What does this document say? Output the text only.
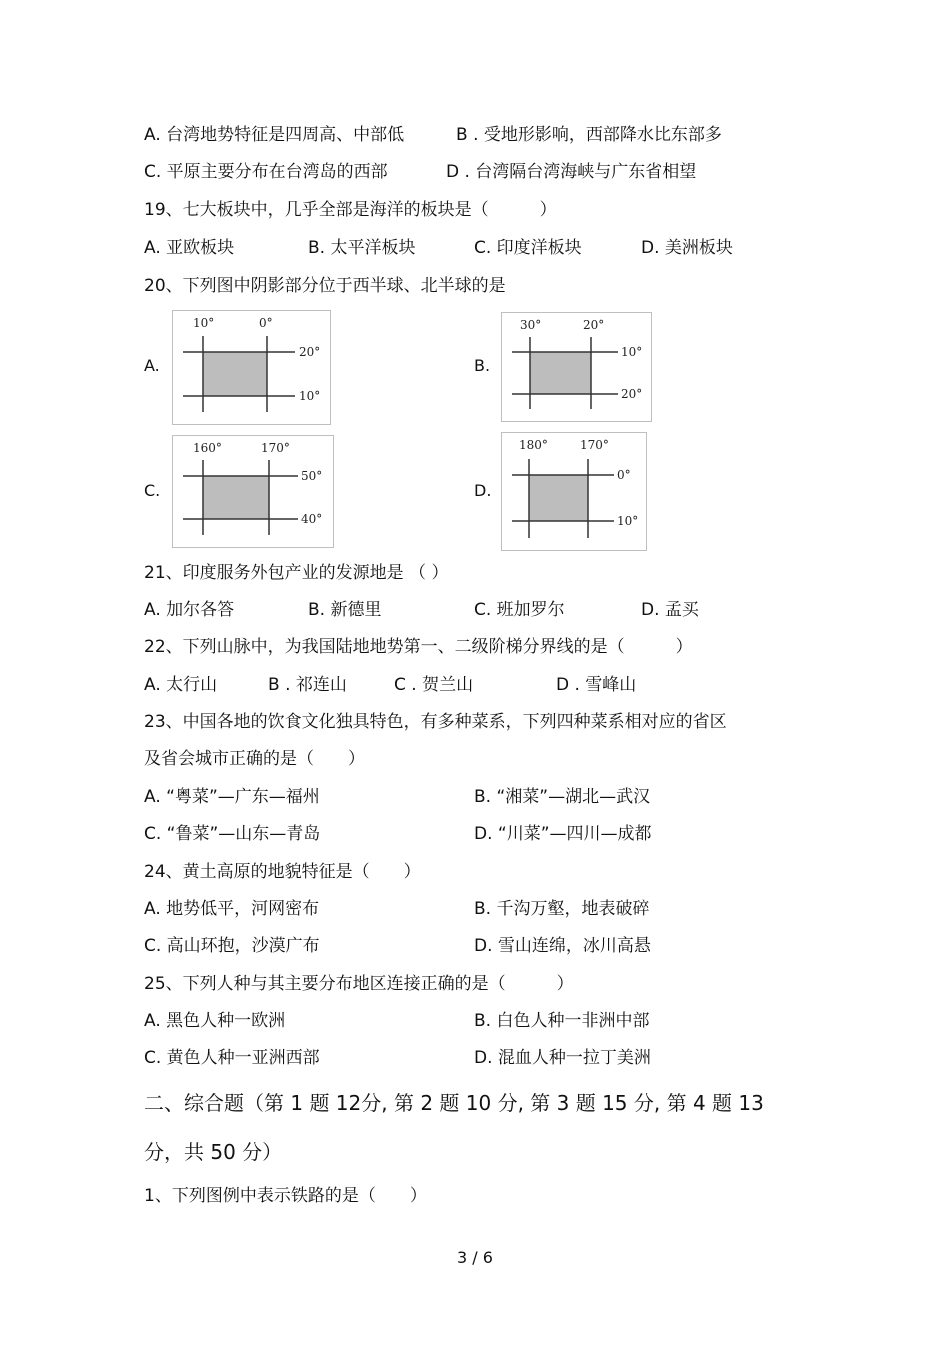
A. 台湾地势特征是四周高、中部低	B . 受地形影响，西部降水比东部多
C. 平原主要分布在台湾岛的西部	D . 台湾隔台湾海峡与广东省相望
19、七大板块中，几乎全部是海洋的板块是（　　　）
A. 亚欧板块	B. 太平洋板块	C. 印度洋板块	D. 美洲板块
20、下列图中阴影部分位于西半球、北半球的是
A.
10°	0°
20°
10°
B.
30°	20°
10°
20°
C.
160°	170°
50°
40°
D.
180°	170°
0°
10°
21、印度服务外包产业的发源地是 （ ）
A. 加尔各答	B. 新德里	C. 班加罗尔	D. 孟买
22、下列山脉中，为我国陆地地势第一、二级阶梯分界线的是（　　　）
A. 太行山	B . 祁连山	C . 贺兰山	D . 雪峰山
23、中国各地的饮食文化独具特色，有多种菜系，下列四种菜系相对应的省区
及省会城市正确的是（　　）
A. “粤菜”—广东—福州	B. “湘菜”—湖北—武汉
C. “鲁菜”—山东—青岛	D. “川菜”—四川—成都
24、黄土高原的地貌特征是（　　）
A. 地势低平，河网密布	B. 千沟万壑，地表破碎
C. 高山环抱，沙漠广布	D. 雪山连绵，冰川高悬
25、下列人种与其主要分布地区连接正确的是（　　　）
A. 黑色人种一欧洲	B. 白色人种一非洲中部
C. 黄色人种一亚洲西部	D. 混血人种一拉丁美洲
二、综合题（第 1 题 12分, 第 2 题 10 分, 第 3 题 15 分, 第 4 题 13
分，共 50 分）
1、下列图例中表示铁路的是（　　）
3 / 6
